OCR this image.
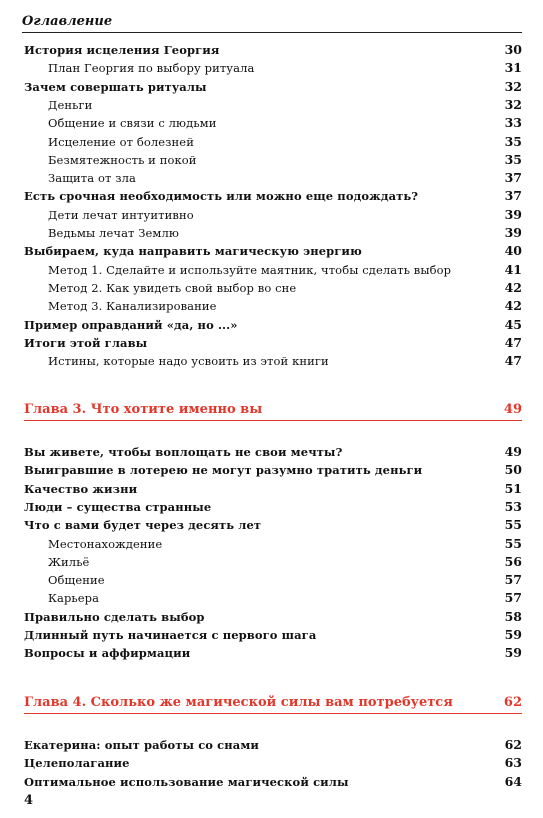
Оглавление
История исцеления Георгия	30
План Георгия по выбору ритуала	31
Зачем совершать ритуалы	32
Деньги	32
Общение и связи с людьми	33
Исцеление от болезней	35
Безмятежность и покой	35
Защита от зла	37
Есть срочная необходимость или можно еще подождать?	37
Дети лечат интуитивно	39
Ведьмы лечат Землю	39
Выбираем, куда направить магическую энергию	40
Метод 1. Сделайте и используйте маятник, чтобы сделать выбор	41
Метод 2. Как увидеть свой выбор во сне	42
Метод 3. Канализирование	42
Пример оправданий «да, но ...»	45
Итоги этой главы	47
Истины, которые надо усвоить из этой книги	47
Глава 3. Что хотите именно вы	49
Вы живете, чтобы воплощать не свои мечты?	49
Выигравшие в лотерею не могут разумно тратить деньги	50
Качество жизни	51
Люди – существа странные	53
Что с вами будет через десять лет	55
Местонахождение	55
Жильё	56
Общение	57
Карьера	57
Правильно сделать выбор	58
Длинный путь начинается с первого шага	59
Вопросы и аффирмации	59
Глава 4. Сколько же магической силы вам потребуется	62
Екатерина: опыт работы со снами	62
Целеполагание	63
Оптимальное использование магической силы	64
4
